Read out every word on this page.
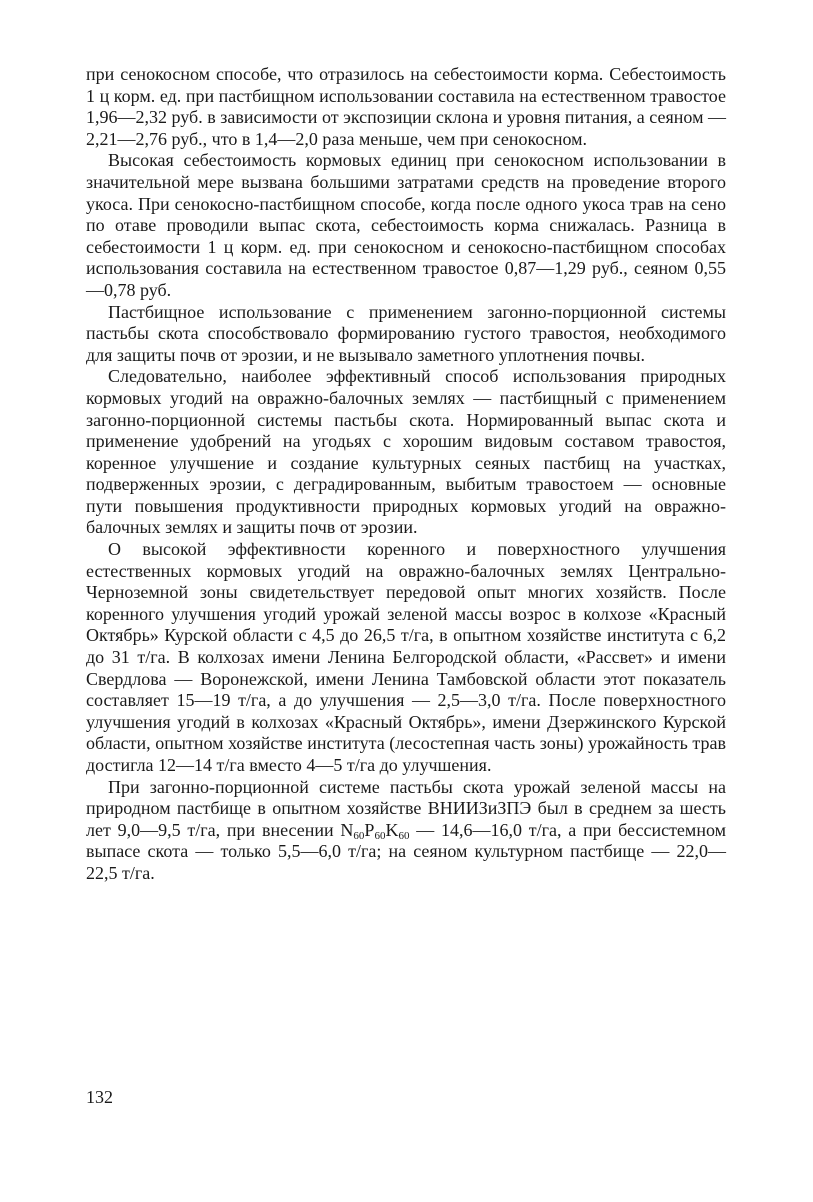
при сенокосном способе, что отразилось на себестоимости корма. Себестоимость 1 ц корм. ед. при пастбищном использовании составила на естественном травостое 1,96—2,32 руб. в зависимости от экспозиции склона и уровня питания, а сеяном — 2,21—2,76 руб., что в 1,4—2,0 раза меньше, чем при сенокосном.

Высокая себестоимость кормовых единиц при сенокосном использовании в значительной мере вызвана большими затратами средств на проведение второго укоса. При сенокосно-пастбищном способе, когда после одного укоса трав на сено по отаве проводили выпас скота, себестоимость корма снижалась. Разница в себестоимости 1 ц корм. ед. при сенокосном и сенокосно-пастбищном способах использования составила на естественном травостое 0,87—1,29 руб., сеяном 0,55—0,78 руб.

Пастбищное использование с применением загонно-порционной системы пастьбы скота способствовало формированию густого травостоя, необходимого для защиты почв от эрозии, и не вызывало заметного уплотнения почвы.

Следовательно, наиболее эффективный способ использования природных кормовых угодий на овражно-балочных землях — пастбищный с применением загонно-порционной системы пастьбы скота. Нормированный выпас скота и применение удобрений на угодьях с хорошим видовым составом травостоя, коренное улучшение и создание культурных сеяных пастбищ на участках, подверженных эрозии, с деградированным, выбитым травостоем — основные пути повышения продуктивности природных кормовых угодий на овражно-балочных землях и защиты почв от эрозии.

О высокой эффективности коренного и поверхностного улучшения естественных кормовых угодий на овражно-балочных землях Центрально-Черноземной зоны свидетельствует передовой опыт многих хозяйств. После коренного улучшения угодий урожай зеленой массы возрос в колхозе «Красный Октябрь» Курской области с 4,5 до 26,5 т/га, в опытном хозяйстве института с 6,2 до 31 т/га. В колхозах имени Ленина Белгородской области, «Рассвет» и имени Свердлова — Воронежской, имени Ленина Тамбовской области этот показатель составляет 15—19 т/га, а до улучшения — 2,5—3,0 т/га. После поверхностного улучшения угодий в колхозах «Красный Октябрь», имени Дзержинского Курской области, опытном хозяйстве института (лесостепная часть зоны) урожайность трав достигла 12—14 т/га вместо 4—5 т/га до улучшения.

При загонно-порционной системе пастьбы скота урожай зеленой массы на природном пастбище в опытном хозяйстве ВНИИЗиЗПЭ был в среднем за шесть лет 9,0—9,5 т/га, при внесении $N_{60}P_{60}K_{60}$ — 14,6—16,0 т/га, а при бессистемном выпасе скота — только 5,5—6,0 т/га; на сеяном культурном пастбище — 22,0—22,5 т/га.

132
